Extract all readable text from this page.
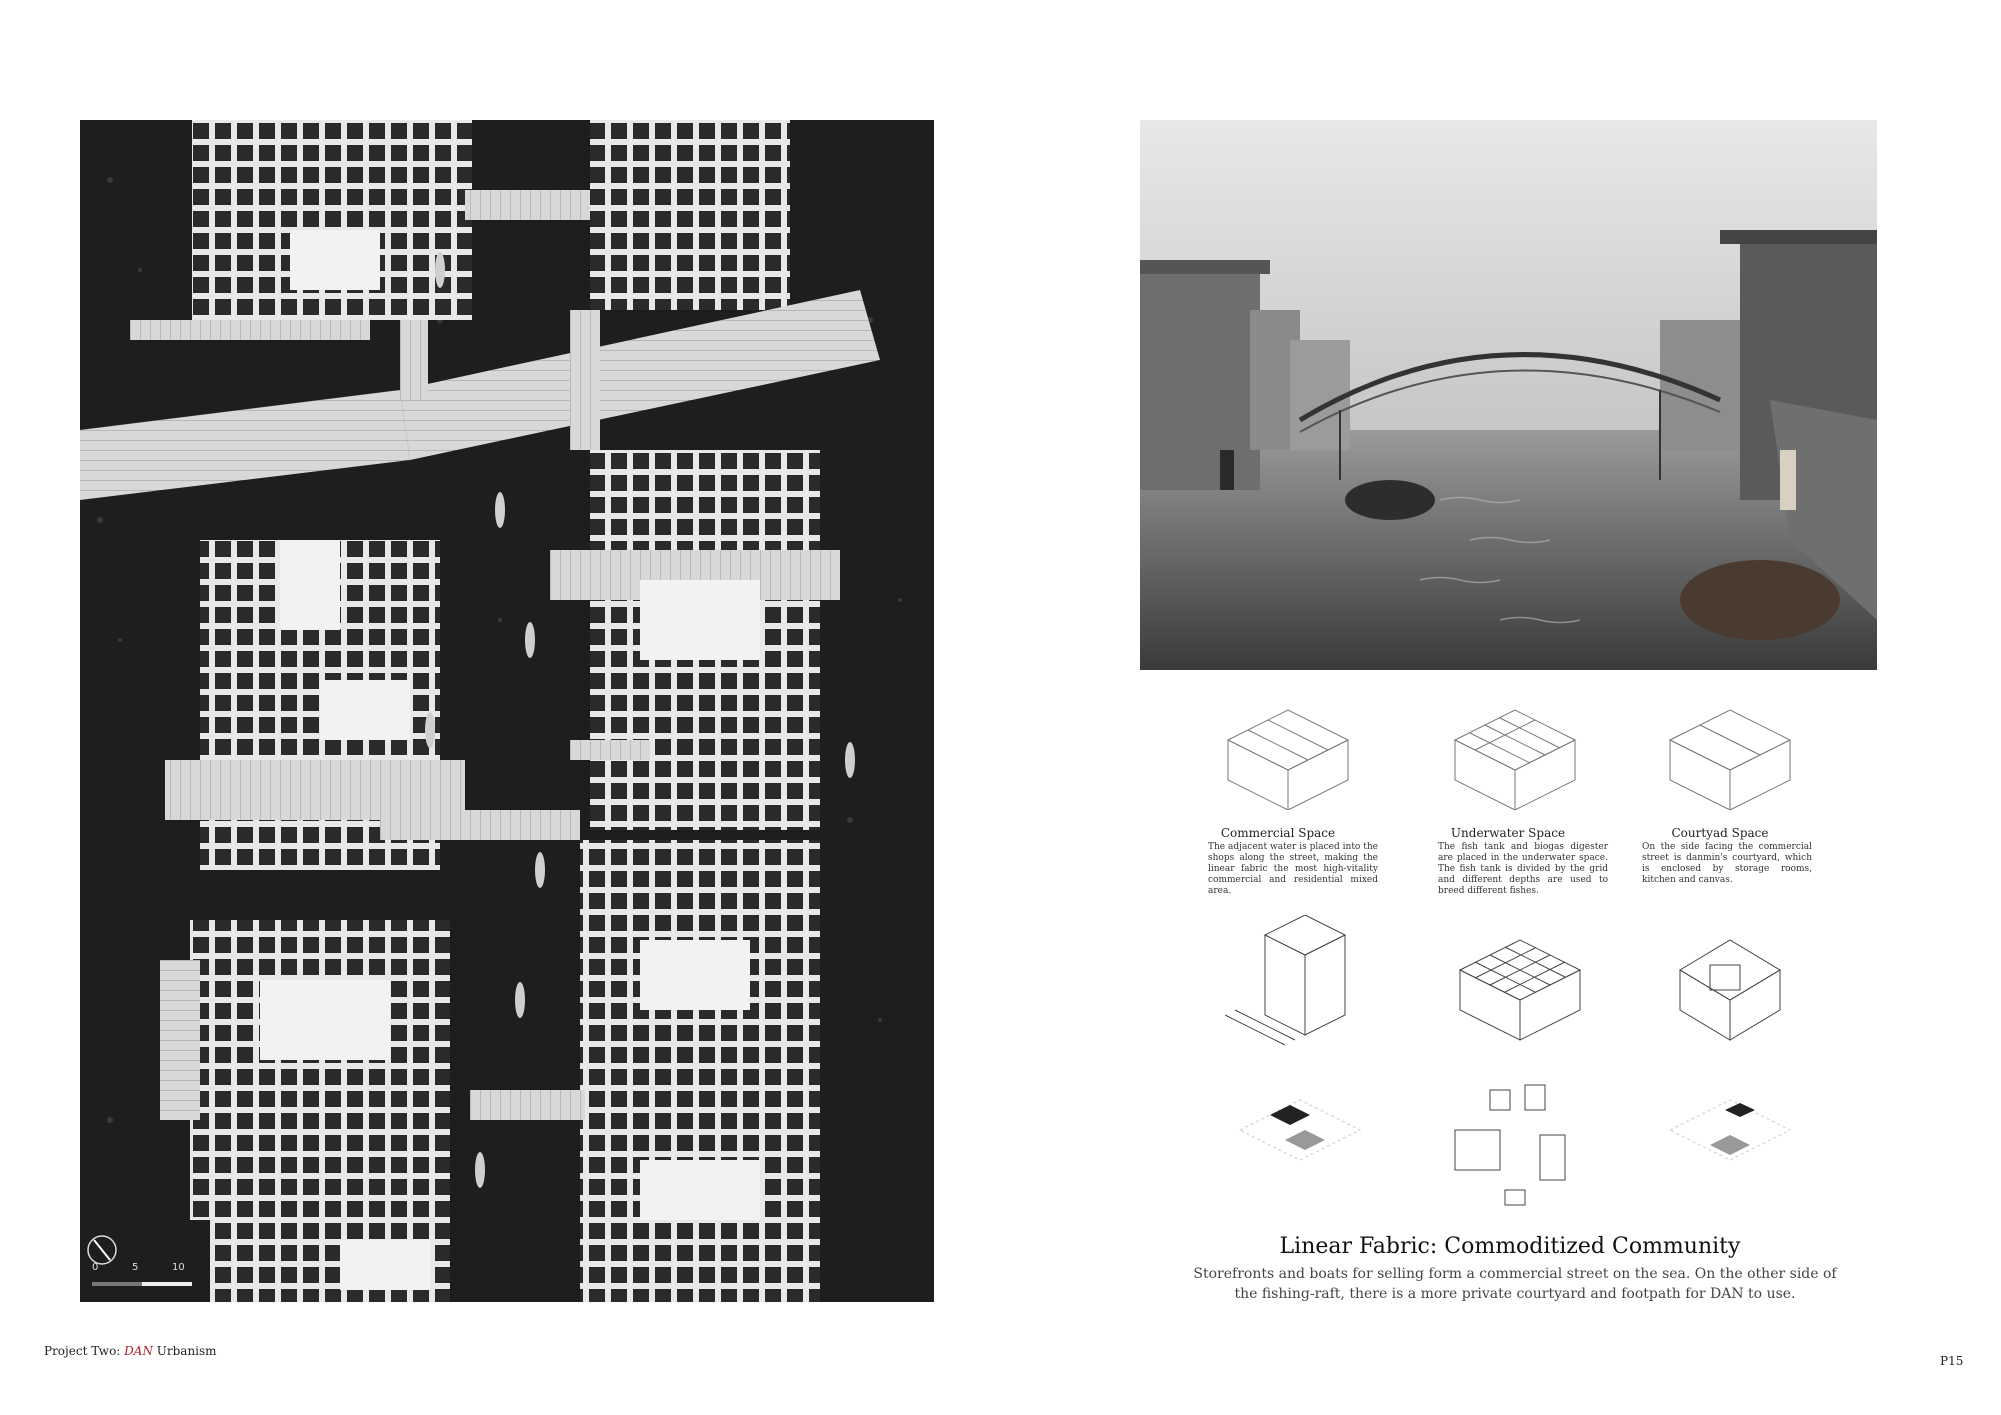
0	5	10
Commercial Space
The adjacent water is placed into the shops along the street, making the linear fabric the most high-vitality commercial and residential mixed area.
Underwater Space
The fish tank and biogas digester are placed in the underwater space. The fish tank is divided by the grid and different depths are used to breed different fishes.
Courtyad Space
On the side facing the commercial street is danmin's courtyard, which is enclosed by storage rooms, kitchen and canvas.
Linear Fabric: Commoditized Community
Storefronts and boats for selling form a commercial street on the sea. On the other side of the fishing-raft, there is a more private courtyard and footpath for DAN to use.
Project Two: DAN Urbanism
P15
